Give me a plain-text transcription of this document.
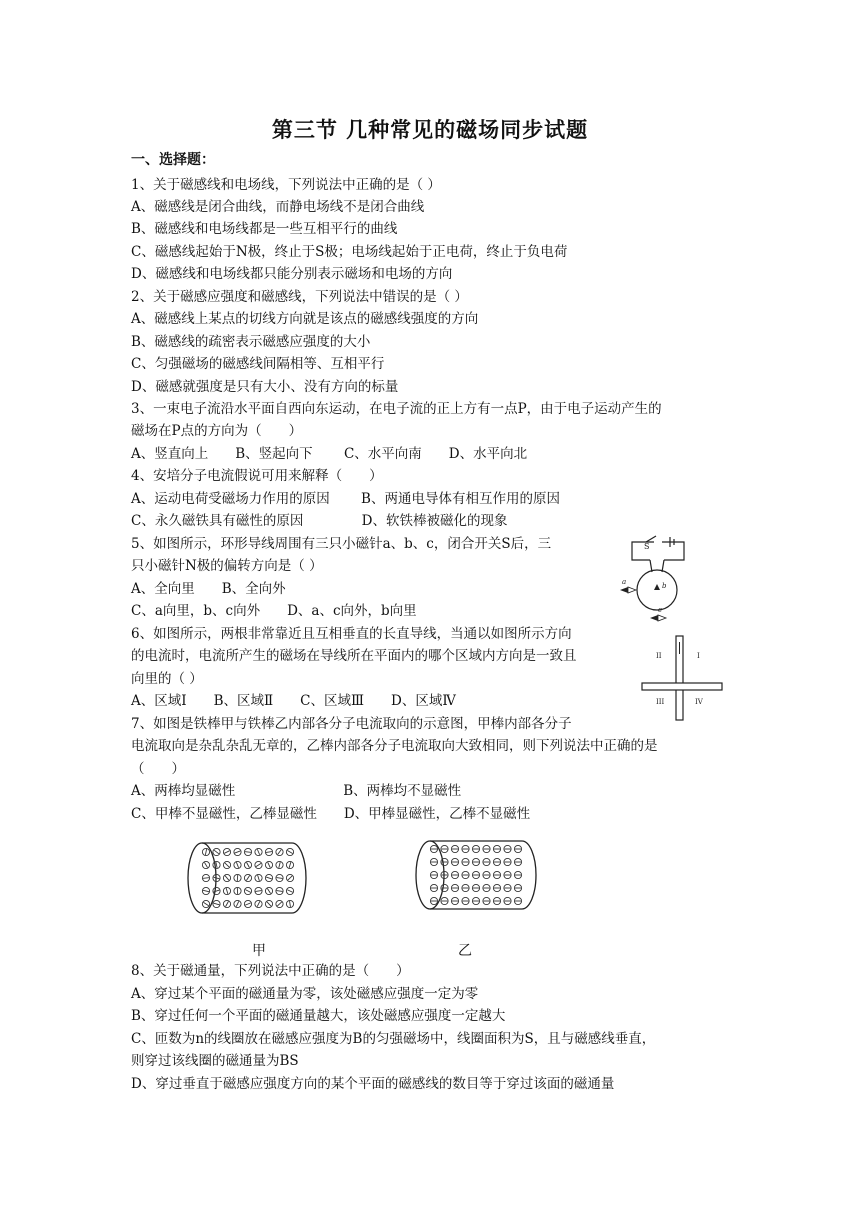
第三节 几种常见的磁场同步试题
一、选择题：
1、关于磁感线和电场线，下列说法中正确的是（ ）
A、磁感线是闭合曲线，而静电场线不是闭合曲线
B、磁感线和电场线都是一些互相平行的曲线
C、磁感线起始于N极，终止于S极；电场线起始于正电荷，终止于负电荷
D、磁感线和电场线都只能分别表示磁场和电场的方向
2、关于磁感应强度和磁感线，下列说法中错误的是（ ）
A、磁感线上某点的切线方向就是该点的磁感线强度的方向
B、磁感线的疏密表示磁感应强度的大小
C、匀强磁场的磁感线间隔相等、互相平行
D、磁感就强度是只有大小、没有方向的标量
3、一束电子流沿水平面自西向东运动，在电子流的正上方有一点P，由于电子运动产生的
磁场在P点的方向为（　　）
A、竖直向上　　B、竖起向下　　 C、水平向南　　D、水平向北
4、安培分子电流假说可用来解释（　　）
A、运动电荷受磁场力作用的原因　　 B、两通电导体有相互作用的原因
C、永久磁铁具有磁性的原因　　　　 D、软铁棒被磁化的现象
5、如图所示，环形导线周围有三只小磁针a、b、c，闭合开关S后，三
只小磁针N极的偏转方向是（ ）
A、全向里　　B、全向外
C、a向里，b、c向外　　D、a、c向外，b向里
S
a	b
c
6、如图所示，两根非常靠近且互相垂直的长直导线，当通以如图所示方向
的电流时，电流所产生的磁场在导线所在平面内的哪个区域内方向是一致且
向里的（ ）
A、区域Ⅰ　　B、区域Ⅱ　　C、区域Ⅲ　　D、区域Ⅳ
I
II
III	IV
7、如图是铁棒甲与铁棒乙内部各分子电流取向的示意图，甲棒内部各分子
电流取向是杂乱杂乱无章的，乙棒内部各分子电流取向大致相同，则下列说法中正确的是
（　　）
A、两棒均显磁性　　　　　　　　B、两棒均不显磁性
C、甲棒不显磁性，乙棒显磁性　　D、甲棒显磁性，乙棒不显磁性
甲	乙
8、关于磁通量，下列说法中正确的是（　　）
A、穿过某个平面的磁通量为零，该处磁感应强度一定为零
B、穿过任何一个平面的磁通量越大，该处磁感应强度一定越大
C、匝数为n的线圈放在磁感应强度为B的匀强磁场中，线圈面积为S，且与磁感线垂直，
则穿过该线圈的磁通量为BS
D、穿过垂直于磁感应强度方向的某个平面的磁感线的数目等于穿过该面的磁通量
